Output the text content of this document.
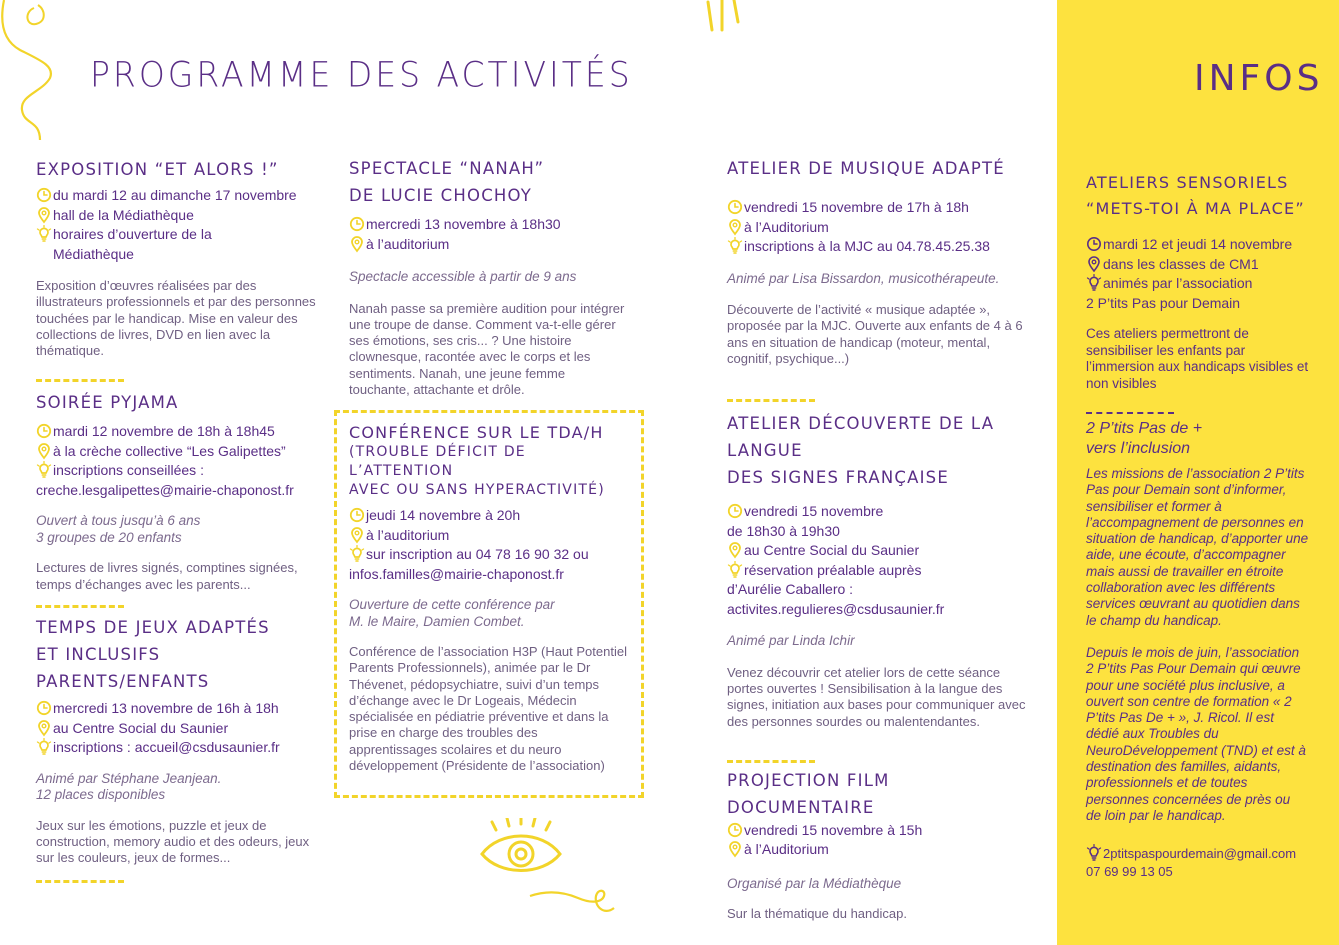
PROGRAMME DES ACTIVITÉS
EXPOSITION “ET ALORS !”
du mardi 12 au dimanche 17 novembre
hall de la Médiathèque
horaires d’ouverture de la Médiathèque
Exposition d’œuvres réalisées par des illustrateurs professionnels et par des personnes touchées par le handicap. Mise en valeur des collections de livres, DVD en lien avec la thématique.
SOIRÉE PYJAMA
mardi 12 novembre de 18h à 18h45
à la crèche collective “Les Galipettes”
inscriptions conseillées :
creche.lesgalipettes@mairie-chaponost.fr
Ouvert à tous jusqu’à 6 ans
3 groupes de 20 enfants
Lectures de livres signés, comptines signées, temps d’échanges avec les parents...
TEMPS DE JEUX ADAPTÉS
ET INCLUSIFS PARENTS/ENFANTS
mercredi 13 novembre de 16h à 18h
au Centre Social du Saunier
inscriptions : accueil@csdusaunier.fr
Animé par Stéphane Jeanjean.
12 places disponibles
Jeux sur les émotions, puzzle et jeux de construction, memory audio et des odeurs, jeux sur les couleurs, jeux de formes...
SPECTACLE “NANAH”
DE LUCIE CHOCHOY
mercredi 13 novembre à 18h30
à l’auditorium
Spectacle accessible à partir de 9 ans
Nanah passe sa première audition pour intégrer une troupe de danse. Comment va-t-elle gérer ses émotions, ses cris... ? Une histoire clownesque, racontée avec le corps et les sentiments. Nanah, une jeune femme touchante, attachante et drôle.
CONFÉRENCE SUR LE TDA/H
(TROUBLE DÉFICIT DE L’ATTENTION
AVEC OU SANS HYPERACTIVITÉ)
jeudi 14 novembre à 20h
à l’auditorium
sur inscription au 04 78 16 90 32 ou
infos.familles@mairie-chaponost.fr
Ouverture de cette conférence par
M. le Maire, Damien Combet.
Conférence de l’association H3P (Haut Potentiel Parents Professionnels), animée par le Dr Thévenet, pédopsychiatre, suivi d’un temps d’échange avec le Dr Logeais, Médecin spécialisée en pédiatrie préventive et dans la prise en charge des troubles des apprentissages scolaires et du neuro développement (Présidente de l’association)
ATELIER DE MUSIQUE ADAPTÉ
vendredi 15 novembre de 17h à 18h
à l’Auditorium
inscriptions à la MJC au 04.78.45.25.38
Animé par Lisa Bissardon, musicothérapeute.
Découverte de l’activité « musique adaptée », proposée par la MJC. Ouverte aux enfants de 4 à 6 ans en situation de handicap (moteur, mental, cognitif, psychique...)
ATELIER DÉCOUVERTE DE LA LANGUE
DES SIGNES FRANÇAISE
vendredi 15 novembre
de 18h30 à 19h30
au Centre Social du Saunier
réservation préalable auprès
d’Aurélie Caballero :
activites.regulieres@csdusaunier.fr
Animé par Linda Ichir
Venez découvrir cet atelier lors de cette séance portes ouvertes ! Sensibilisation à la langue des signes, initiation aux bases pour communiquer avec des personnes sourdes ou malentendantes.
PROJECTION FILM DOCUMENTAIRE
vendredi 15 novembre à 15h
à l’Auditorium
Organisé par la Médiathèque
Sur la thématique du handicap.
INFOS
ATELIERS SENSORIELS
“METS-TOI À MA PLACE”
mardi 12 et jeudi 14 novembre
dans les classes de CM1
animés par l’association
2 P’tits Pas pour Demain
Ces ateliers permettront de sensibiliser les enfants par l’immersion aux handicaps visibles et non visibles
2 P’tits Pas de +
vers l’inclusion
Les missions de l’association 2 P’tits Pas pour Demain sont d’informer, sensibiliser et former à l’accompagnement de personnes en situation de handicap, d’apporter une aide, une écoute, d’accompagner mais aussi de travailler en étroite collaboration avec les différents services œuvrant au quotidien dans le champ du handicap.
Depuis le mois de juin, l’association 2 P’tits Pas Pour Demain qui œuvre pour une société plus inclusive, a ouvert son centre de formation « 2 P’tits Pas De + », J. Ricol. Il est dédié aux Troubles du NeuroDéveloppement (TND) et est à destination des familles, aidants, professionnels et de toutes personnes concernées de près ou de loin par le handicap.
2ptitspaspourdemain@gmail.com
07 69 99 13 05
